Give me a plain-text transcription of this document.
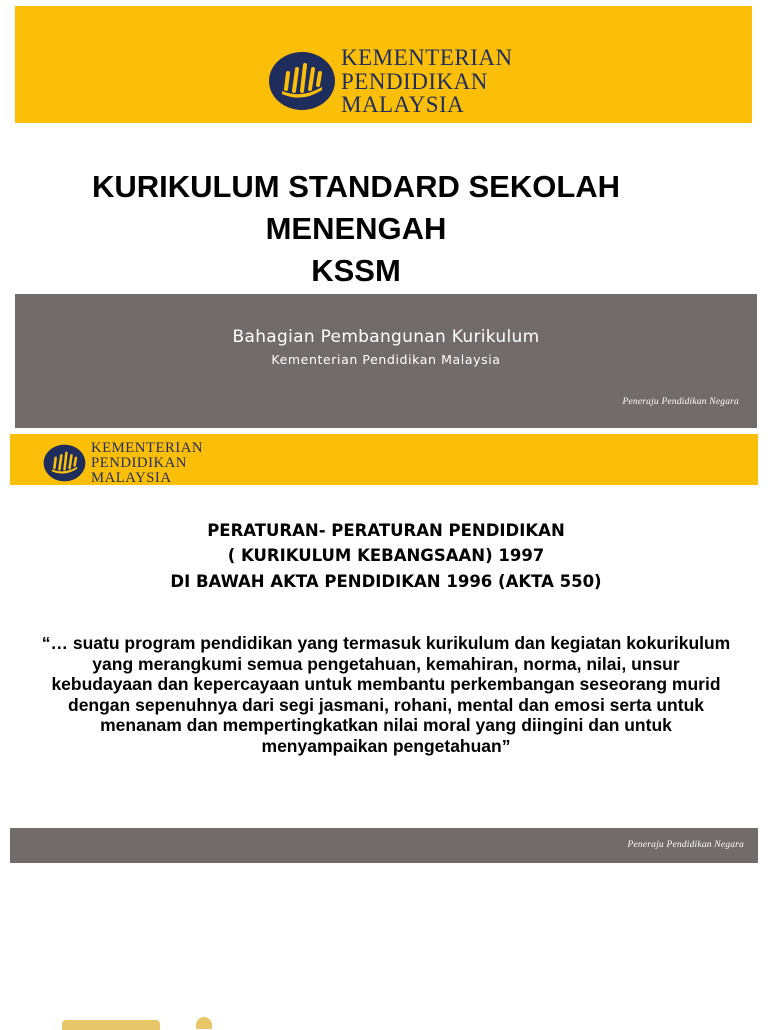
KEMENTERIAN
PENDIDIKAN
MALAYSIA
KURIKULUM STANDARD SEKOLAH
MENENGAH
KSSM
Bahagian Pembangunan Kurikulum
Kementerian Pendidikan Malaysia
Peneraju Pendidikan Negara
KEMENTERIAN
PENDIDIKAN
MALAYSIA
PERATURAN- PERATURAN PENDIDIKAN
( KURIKULUM KEBANGSAAN) 1997
DI BAWAH AKTA PENDIDIKAN 1996 (AKTA 550)
“… suatu program pendidikan yang termasuk kurikulum dan kegiatan kokurikulum yang merangkumi semua pengetahuan, kemahiran, norma, nilai, unsur kebudayaan dan kepercayaan untuk membantu perkembangan seseorang murid dengan sepenuhnya dari segi jasmani, rohani, mental dan emosi serta untuk menanam dan mempertingkatkan nilai moral yang diingini dan untuk menyampaikan pengetahuan”
Peneraju Pendidikan Negara
